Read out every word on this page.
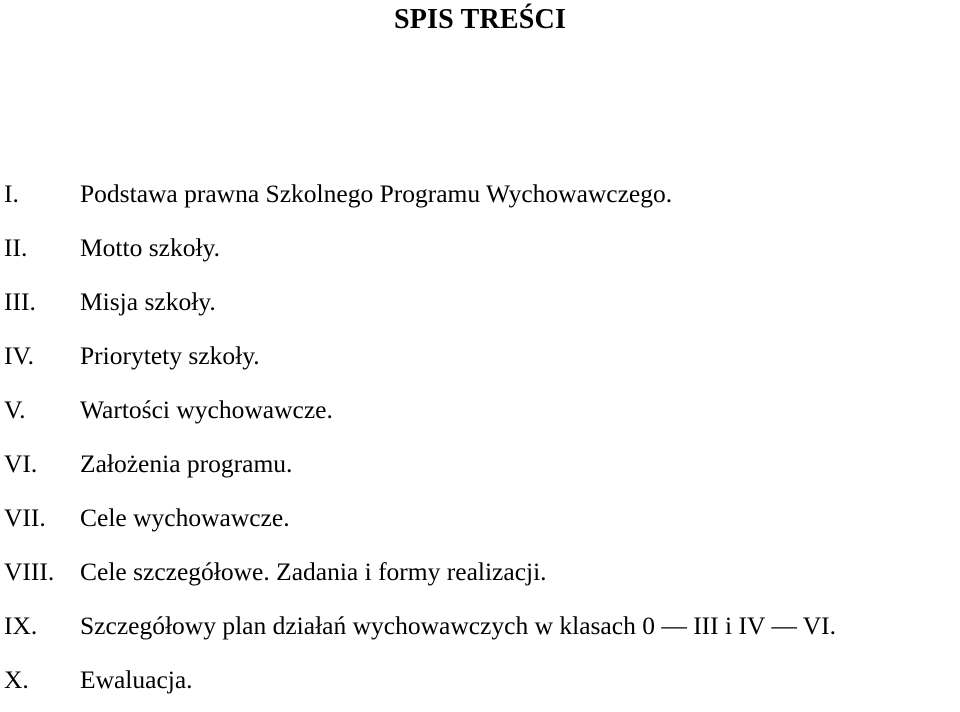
SPIS TREŚCI
I. Podstawa prawna Szkolnego Programu Wychowawczego.
II. Motto szkoły.
III. Misja szkoły.
IV. Priorytety szkoły.
V. Wartości wychowawcze.
VI. Założenia programu.
VII. Cele wychowawcze.
VIII. Cele szczegółowe. Zadania i formy realizacji.
IX. Szczegółowy plan działań wychowawczych w klasach 0 — III i IV — VI.
X. Ewaluacja.
